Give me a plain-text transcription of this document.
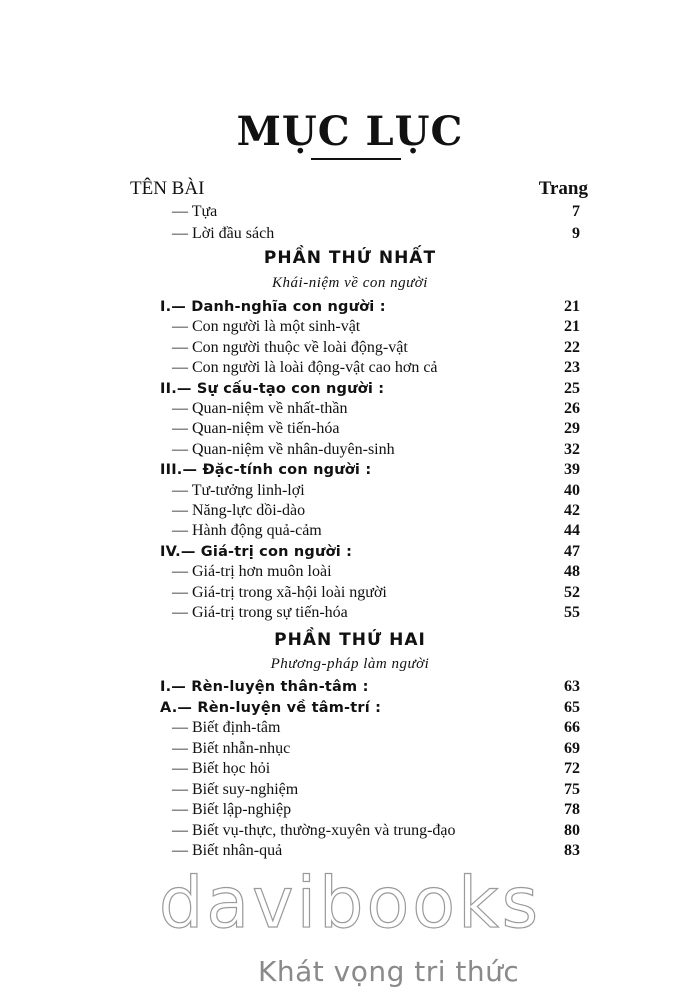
MỤC LỤC
TÊN BÀI	Trang
— Tựa	7
— Lời đầu sách	9
PHẦN THỨ NHẤT
Khái-niệm về con người
I.— Danh-nghĩa con người :	21
— Con người là một sinh-vật	21
— Con người thuộc về loài động-vật	22
— Con người là loài động-vật cao hơn cả	23
II.— Sự cấu-tạo con người :	25
— Quan-niệm về nhất-thần	26
— Quan-niệm về tiến-hóa	29
— Quan-niệm về nhân-duyên-sinh	32
III.— Đặc-tính con người :	39
— Tư-tưởng linh-lợi	40
— Năng-lực dồi-dào	42
— Hành động quả-cảm	44
IV.— Giá-trị con người :	47
— Giá-trị hơn muôn loài	48
— Giá-trị trong xã-hội loài người	52
— Giá-trị trong sự tiến-hóa	55
PHẦN THỨ HAI
Phương-pháp làm người
I.— Rèn-luyện thân-tâm :	63
A.— Rèn-luyện về tâm-trí :	65
— Biết định-tâm	66
— Biết nhẫn-nhục	69
— Biết học hỏi	72
— Biết suy-nghiệm	75
— Biết lập-nghiệp	78
— Biết vụ-thực, thường-xuyên và trung-đạo	80
— Biết nhân-quả	83
davibooks
Khát vọng tri thức
